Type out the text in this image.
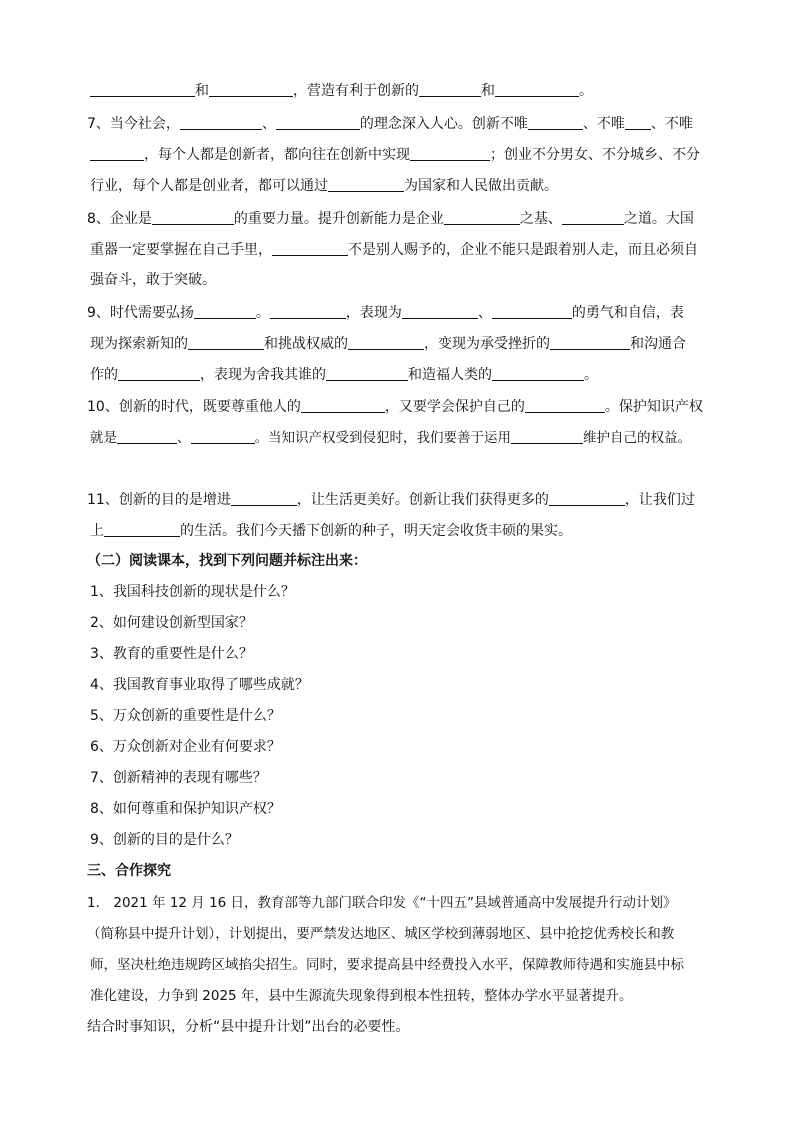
和	，营造有利于创新的	和	。
7、当今社会，	、	的理念深入人心。创新不唯	、不唯 、不唯
，每个人都是创新者，都向往在创新中实现	；创业不分男女、不分城乡、不分
行业，每个人都是创业者，都可以通过	为国家和人民做出贡献。
8、企业是	的重要力量。提升创新能力是企业	之基、	之道。大国
重器一定要掌握在自己手里，	不是别人赐予的，企业不能只是跟着别人走，而且必须自
强奋斗，敢于突破。
9、时代需要弘扬	。	，表现为	、	的勇气和自信，表
现为探索新知的	和挑战权威的	，变现为承受挫折的	和沟通合
作的	，表现为舍我其谁的	和造福人类的	。
10、创新的时代，既要尊重他人的	，又要学会保护自己的	。保护知识产权
就是	、	。当知识产权受到侵犯时，我们要善于运用	维护自己的权益。
11、创新的目的是增进	，让生活更美好。创新让我们获得更多的	，让我们过
上	的生活。我们今天播下创新的种子，明天定会收货丰硕的果实。
（二）阅读课本，找到下列问题并标注出来：
1、我国科技创新的现状是什么？
2、如何建设创新型国家？
3、教育的重要性是什么？
4、我国教育事业取得了哪些成就？
5、万众创新的重要性是什么？
6、万众创新对企业有何要求？
7、创新精神的表现有哪些？
8、如何尊重和保护知识产权？
9、创新的目的是什么？
三、合作探究
1． 2021 年 12 月 16 日，教育部等九部门联合印发《“十四五”县域普通高中发展提升行动计划》
（简称县中提升计划），计划提出，要严禁发达地区、城区学校到薄弱地区、县中抢挖优秀校长和教
师，坚决杜绝违规跨区域掐尖招生。同时，要求提高县中经费投入水平，保障教师待遇和实施县中标
准化建设，力争到 2025 年，县中生源流失现象得到根本性扭转，整体办学水平显著提升。
结合时事知识，分析“县中提升计划”出台的必要性。
